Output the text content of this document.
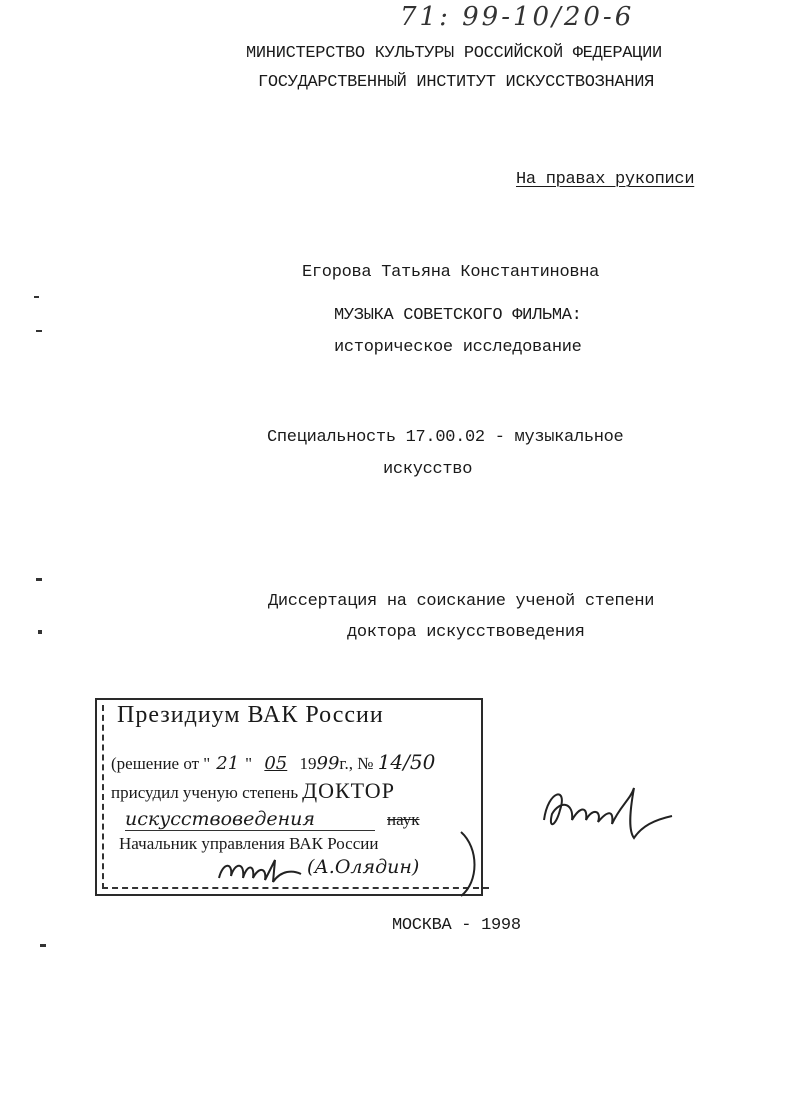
71: 99-10/20-6
МИНИСТЕРСТВО КУЛЬТУРЫ РОССИЙСКОЙ ФЕДЕРАЦИИ
ГОСУДАРСТВЕННЫЙ ИНСТИТУТ ИСКУССТВОЗНАНИЯ
На правах рукописи
Егорова Татьяна Константиновна
МУЗЫКА СОВЕТСКОГО ФИЛЬМА:
историческое исследование
Специальность 17.00.02 - музыкальное
искусство
Диссертация на соискание ученой степени
доктора искусствоведения
Президиум ВАК России
(решение от " 21 " 05 1999г., № 14/50
присудил ученую степень ДОКТОР
искусствоведения	наук
Начальник управления ВАК России
(А.Олядин)
МОСКВА - 1998
